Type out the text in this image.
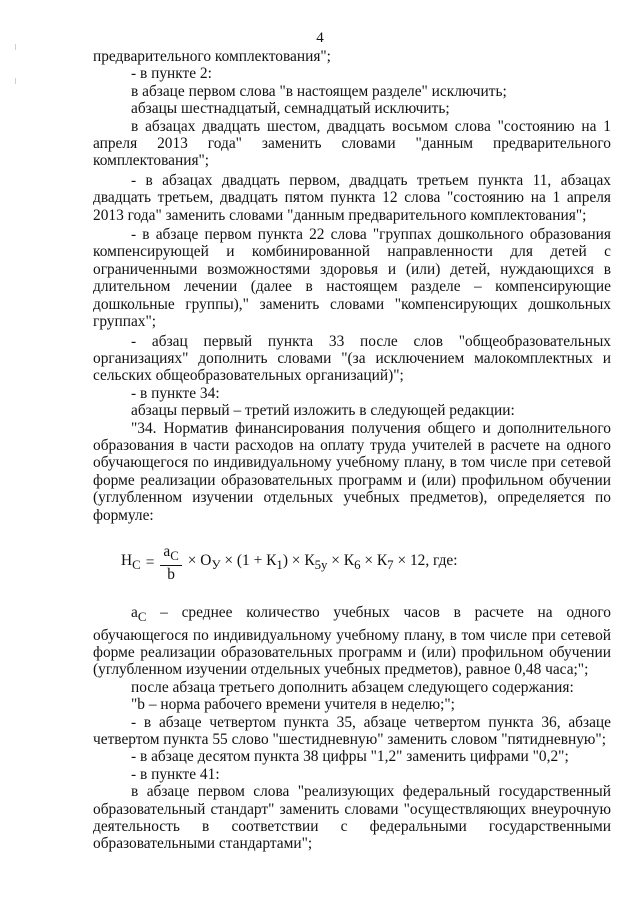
4

предварительного комплектования";

- в пункте 2:

в абзаце первом слова "в настоящем разделе" исключить;

абзацы шестнадцатый, семнадцатый исключить;

в абзацах двадцать шестом, двадцать восьмом слова "состоянию на 1 апреля 2013 года" заменить словами "данным предварительного комплектования";

- в абзацах двадцать первом, двадцать третьем пункта 11, абзацах двадцать третьем, двадцать пятом пункта 12 слова "состоянию на 1 апреля 2013 года" заменить словами "данным предварительного комплектования";

- в абзаце первом пункта 22 слова "группах дошкольного образования компенсирующей и комбинированной направленности для детей с ограниченными возможностями здоровья и (или) детей, нуждающихся в длительном лечении (далее в настоящем разделе – компенсирующие дошкольные группы)," заменить словами "компенсирующих дошкольных группах";

- абзац первый пункта 33 после слов "общеобразовательных организациях" дополнить словами "(за исключением малокомплектных и сельских общеобразовательных организаций)";

- в пункте 34:

абзацы первый – третий изложить в следующей редакции:

"34. Норматив финансирования получения общего и дополнительного образования в части расходов на оплату труда учителей в расчете на одного обучающегося по индивидуальному учебному плану, в том числе при сетевой форме реализации образовательных программ и (или) профильном обучении (углубленном изучении отдельных учебных предметов), определяется по формуле:

$Н_С = \frac{а_С}{b} \times О_У \times (1 + К_1) \times К_{5у} \times К_6 \times К_7 \times 12$, где:

$а_С$ – среднее количество учебных часов в расчете на одного обучающегося по индивидуальному учебному плану, в том числе при сетевой форме реализации образовательных программ и (или) профильном обучении (углубленном изучении отдельных учебных предметов), равное 0,48 часа;";

после абзаца третьего дополнить абзацем следующего содержания:

"b – норма рабочего времени учителя в неделю;";

- в абзаце четвертом пункта 35, абзаце четвертом пункта 36, абзаце четвертом пункта 55 слово "шестидневную" заменить словом "пятидневную";

- в абзаце десятом пункта 38 цифры "1,2" заменить цифрами "0,2";

- в пункте 41:

в абзаце первом слова "реализующих федеральный государственный образовательный стандарт" заменить словами "осуществляющих внеурочную деятельность в соответствии с федеральными государственными образовательными стандартами";
